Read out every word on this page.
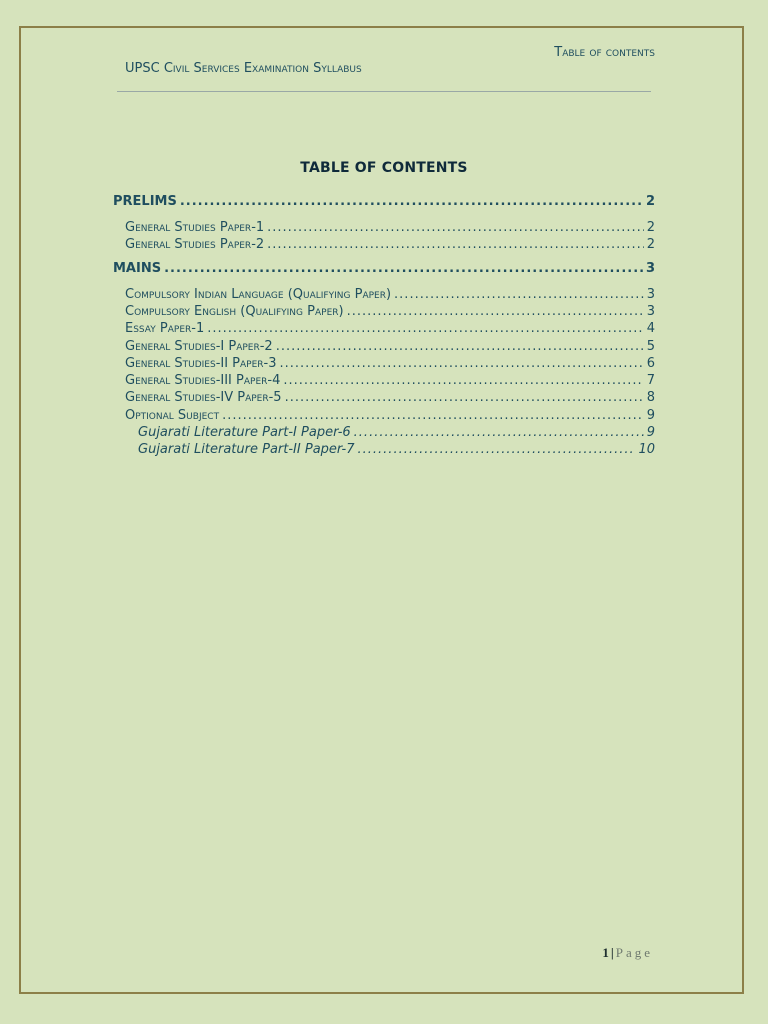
Table of contents
UPSC Civil Services Examination Syllabus
TABLE OF CONTENTS
PRELIMS .....	2
General Studies Paper-1 .....	2
General Studies Paper-2 .....	2
MAINS .....	3
Compulsory Indian Language (Qualifying Paper) .....	3
Compulsory English (Qualifying Paper) .....	3
Essay Paper-1 .....	4
General Studies-I Paper-2 .....	5
General Studies-II Paper-3 .....	6
General Studies-III Paper-4 .....	7
General Studies-IV Paper-5 .....	8
Optional Subject .....	9
Gujarati Literature Part-I Paper-6 .....	9
Gujarati Literature Part-II Paper-7 .....	10
1 | Page
